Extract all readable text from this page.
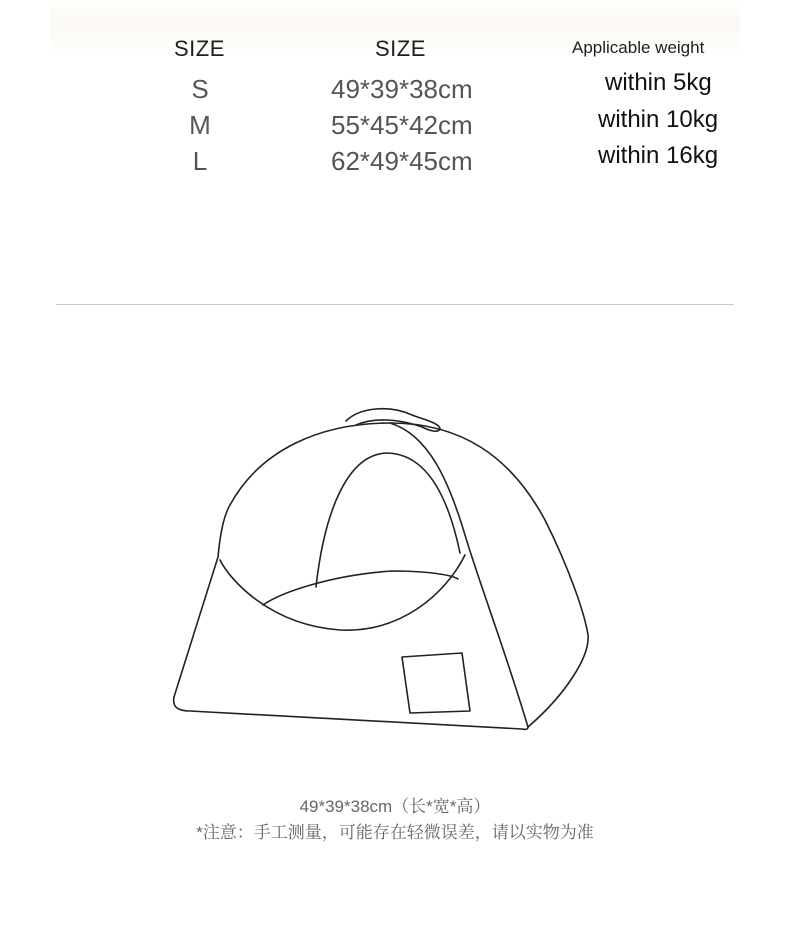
SIZE	SIZE	Applicable weight
S	49*39*38cm	within 5kg
M	55*45*42cm	within 10kg
L	62*49*45cm	within 16kg
49*39*38cm（长*宽*高）
*注意：手工测量，可能存在轻微误差，请以实物为准
